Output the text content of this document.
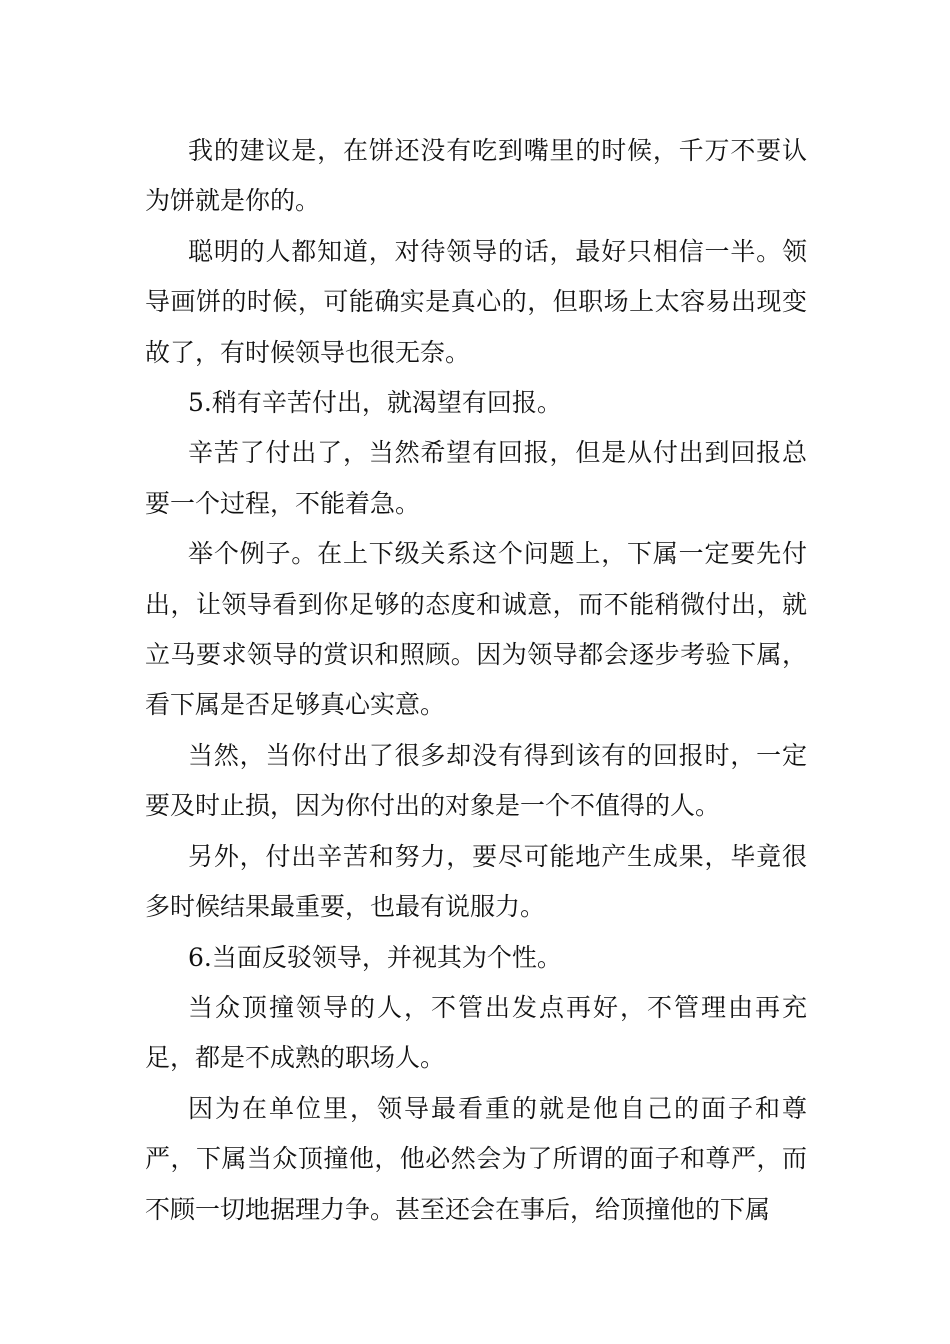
我的建议是，在饼还没有吃到嘴里的时候，千万不要认为饼就是你的。

聪明的人都知道，对待领导的话，最好只相信一半。领导画饼的时候，可能确实是真心的，但职场上太容易出现变故了，有时候领导也很无奈。

5.稍有辛苦付出，就渴望有回报。

辛苦了付出了，当然希望有回报，但是从付出到回报总要一个过程，不能着急。

举个例子。在上下级关系这个问题上，下属一定要先付出，让领导看到你足够的态度和诚意，而不能稍微付出，就立马要求领导的赏识和照顾。因为领导都会逐步考验下属，看下属是否足够真心实意。

当然，当你付出了很多却没有得到该有的回报时，一定要及时止损，因为你付出的对象是一个不值得的人。

另外，付出辛苦和努力，要尽可能地产生成果，毕竟很多时候结果最重要，也最有说服力。

6.当面反驳领导，并视其为个性。

当众顶撞领导的人，不管出发点再好，不管理由再充足，都是不成熟的职场人。

因为在单位里，领导最看重的就是他自己的面子和尊严，下属当众顶撞他，他必然会为了所谓的面子和尊严，而不顾一切地据理力争。甚至还会在事后，给顶撞他的下属
